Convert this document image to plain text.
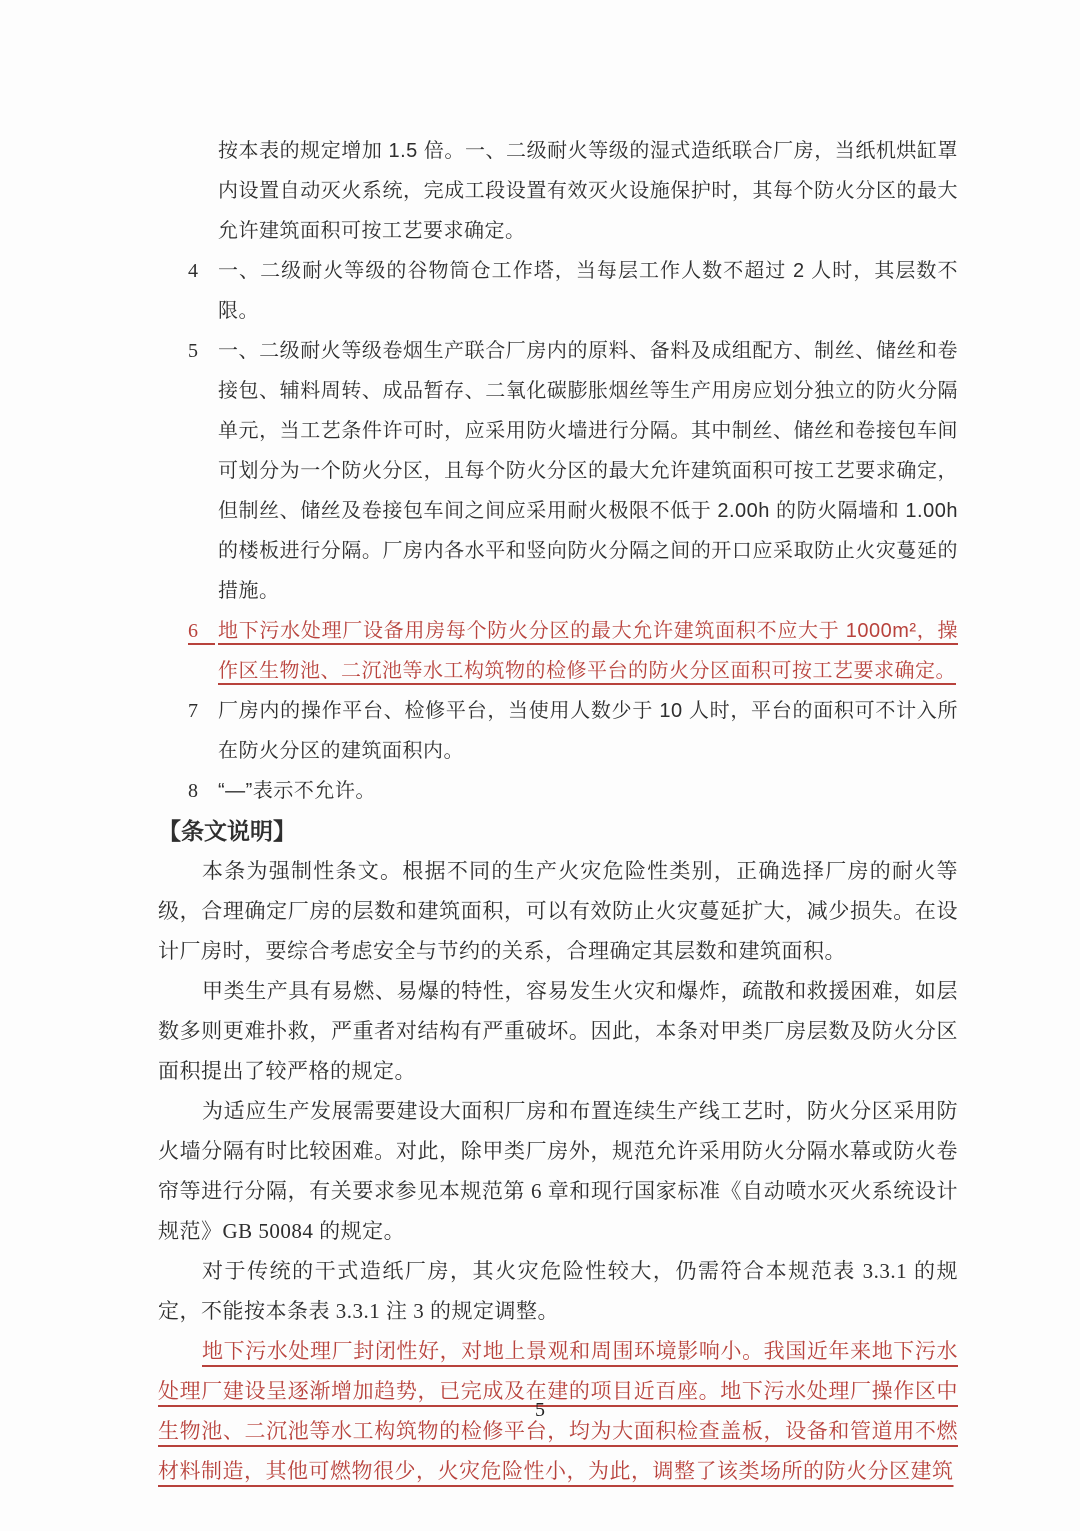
按本表的规定增加 1.5 倍。一、二级耐火等级的湿式造纸联合厂房，当纸机烘缸罩内设置自动灭火系统，完成工段设置有效灭火设施保护时，其每个防火分区的最大允许建筑面积可按工艺要求确定。
4 一、二级耐火等级的谷物筒仓工作塔，当每层工作人数不超过 2 人时，其层数不限。
5 一、二级耐火等级卷烟生产联合厂房内的原料、备料及成组配方、制丝、储丝和卷接包、辅料周转、成品暂存、二氧化碳膨胀烟丝等生产用房应划分独立的防火分隔单元，当工艺条件许可时，应采用防火墙进行分隔。其中制丝、储丝和卷接包车间可划分为一个防火分区，且每个防火分区的最大允许建筑面积可按工艺要求确定，但制丝、储丝及卷接包车间之间应采用耐火极限不低于 2.00h 的防火隔墙和 1.00h 的楼板进行分隔。厂房内各水平和竖向防火分隔之间的开口应采取防止火灾蔓延的措施。
6 地下污水处理厂设备用房每个防火分区的最大允许建筑面积不应大于 1000m²，操作区生物池、二沉池等水工构筑物的检修平台的防火分区面积可按工艺要求确定。
7 厂房内的操作平台、检修平台，当使用人数少于 10 人时，平台的面积可不计入所在防火分区的建筑面积内。
8 “—”表示不允许。
【条文说明】

本条为强制性条文。根据不同的生产火灾危险性类别，正确选择厂房的耐火等级，合理确定厂房的层数和建筑面积，可以有效防止火灾蔓延扩大，减少损失。在设计厂房时，要综合考虑安全与节约的关系，合理确定其层数和建筑面积。

甲类生产具有易燃、易爆的特性，容易发生火灾和爆炸，疏散和救援困难，如层数多则更难扑救，严重者对结构有严重破坏。因此，本条对甲类厂房层数及防火分区面积提出了较严格的规定。

为适应生产发展需要建设大面积厂房和布置连续生产线工艺时，防火分区采用防火墙分隔有时比较困难。对此，除甲类厂房外，规范允许采用防火分隔水幕或防火卷帘等进行分隔，有关要求参见本规范第 6 章和现行国家标准《自动喷水灭火系统设计规范》GB 50084 的规定。

对于传统的干式造纸厂房，其火灾危险性较大，仍需符合本规范表 3.3.1 的规定，不能按本条表 3.3.1 注 3 的规定调整。

地下污水处理厂封闭性好，对地上景观和周围环境影响小。我国近年来地下污水处理厂建设呈逐渐增加趋势，已完成及在建的项目近百座。地下污水处理厂操作区中生物池、二沉池等水工构筑物的检修平台，均为大面积检查盖板，设备和管道用不燃材料制造，其他可燃物很少，火灾危险性小，为此，调整了该类场所的防火分区建筑

5
